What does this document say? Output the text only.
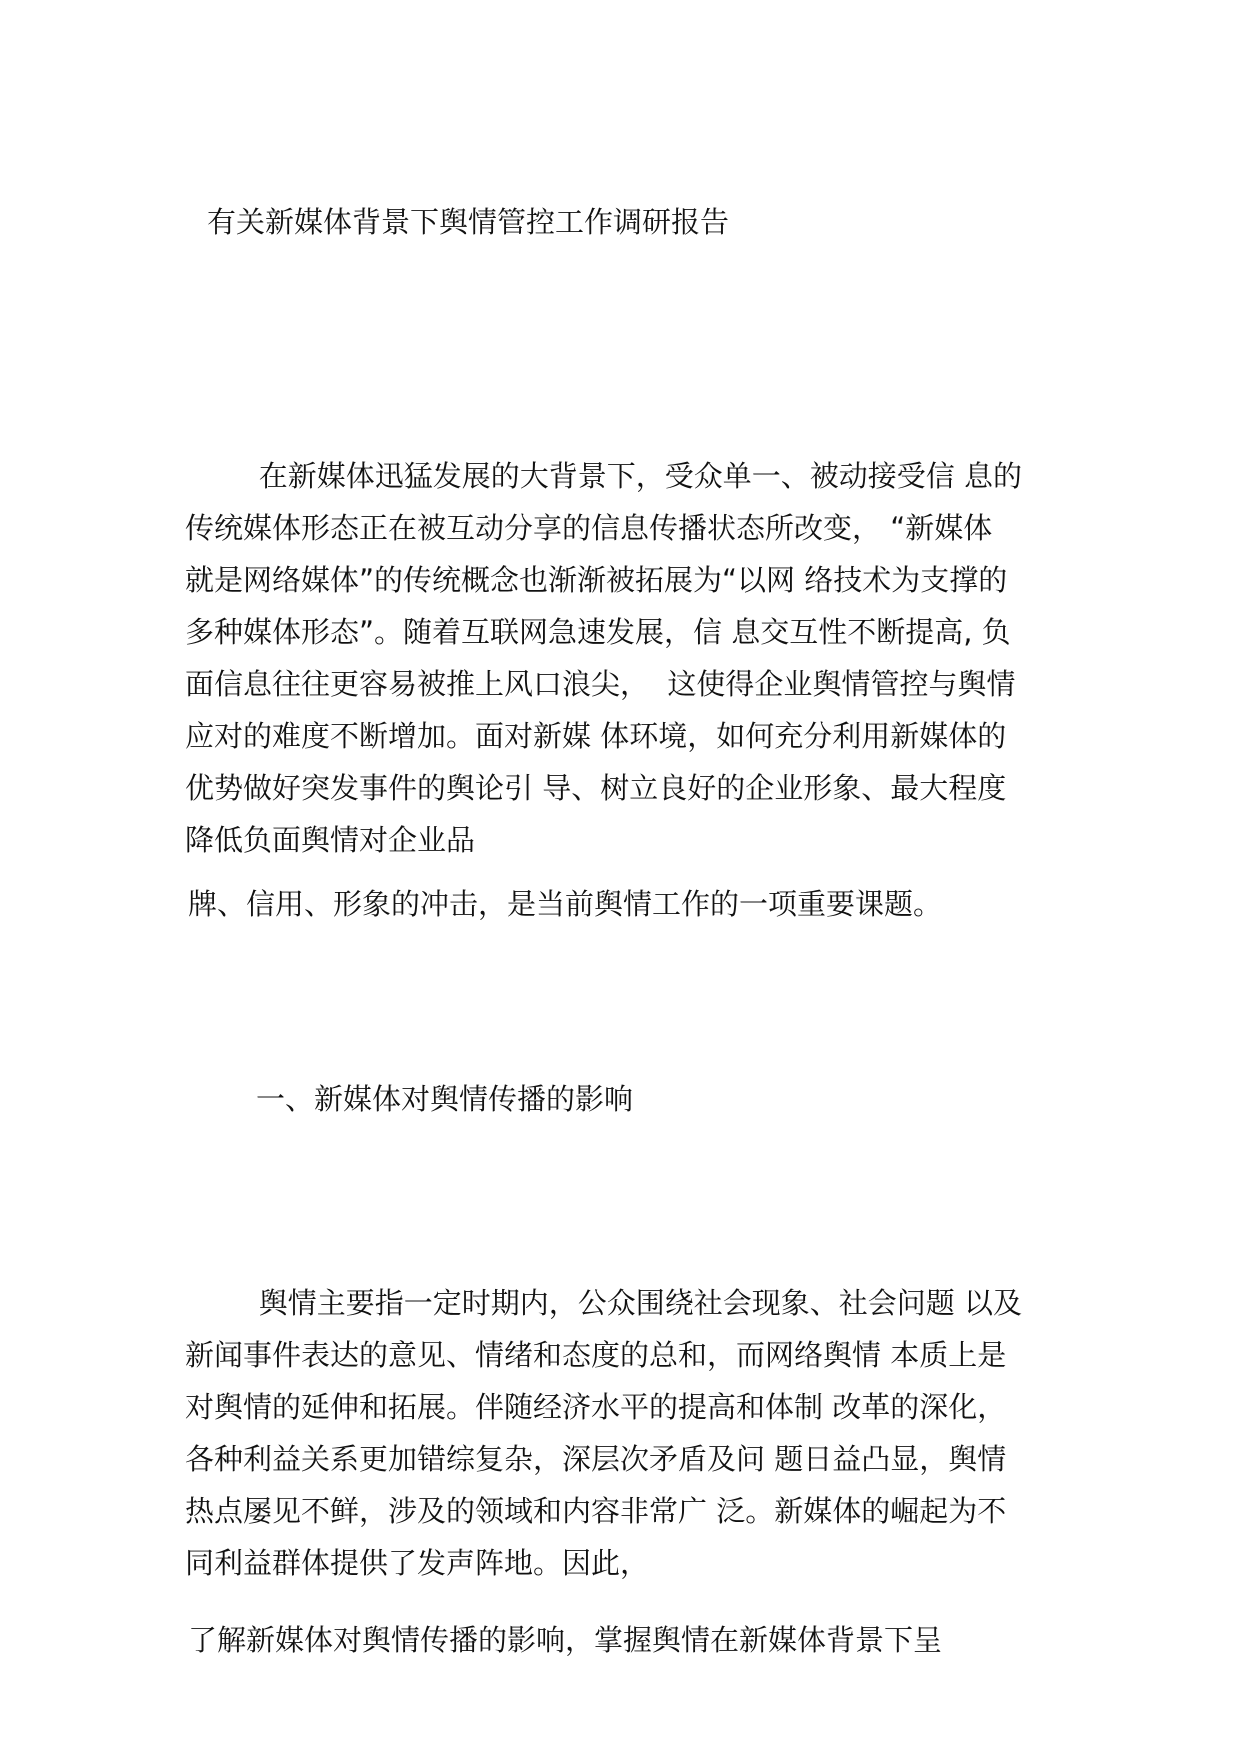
有关新媒体背景下舆情管控工作调研报告
在新媒体迅猛发展的大背景下，受众单一、被动接受信 息的
传统媒体形态正在被互动分享的信息传播状态所改变， “新媒体
就是网络媒体”的传统概念也渐渐被拓展为“以网 络技术为支撑的
多种媒体形态”。随着互联网急速发展，信 息交互性不断提高, 负
面信息往往更容易被推上风口浪尖，  这使得企业舆情管控与舆情
应对的难度不断增加。面对新媒 体环境，如何充分利用新媒体的
优势做好突发事件的舆论引 导、树立良好的企业形象、最大程度
降低负面舆情对企业品
牌、信用、形象的冲击，是当前舆情工作的一项重要课题。
一、新媒体对舆情传播的影响
舆情主要指一定时期内，公众围绕社会现象、社会问题 以及
新闻事件表达的意见、情绪和态度的总和，而网络舆情 本质上是
对舆情的延伸和拓展。伴随经济水平的提高和体制 改革的深化，
各种利益关系更加错综复杂，深层次矛盾及问 题日益凸显，舆情
热点屡见不鲜，涉及的领域和内容非常广 泛。新媒体的崛起为不
同利益群体提供了发声阵地。因此，
了解新媒体对舆情传播的影响，掌握舆情在新媒体背景下呈
